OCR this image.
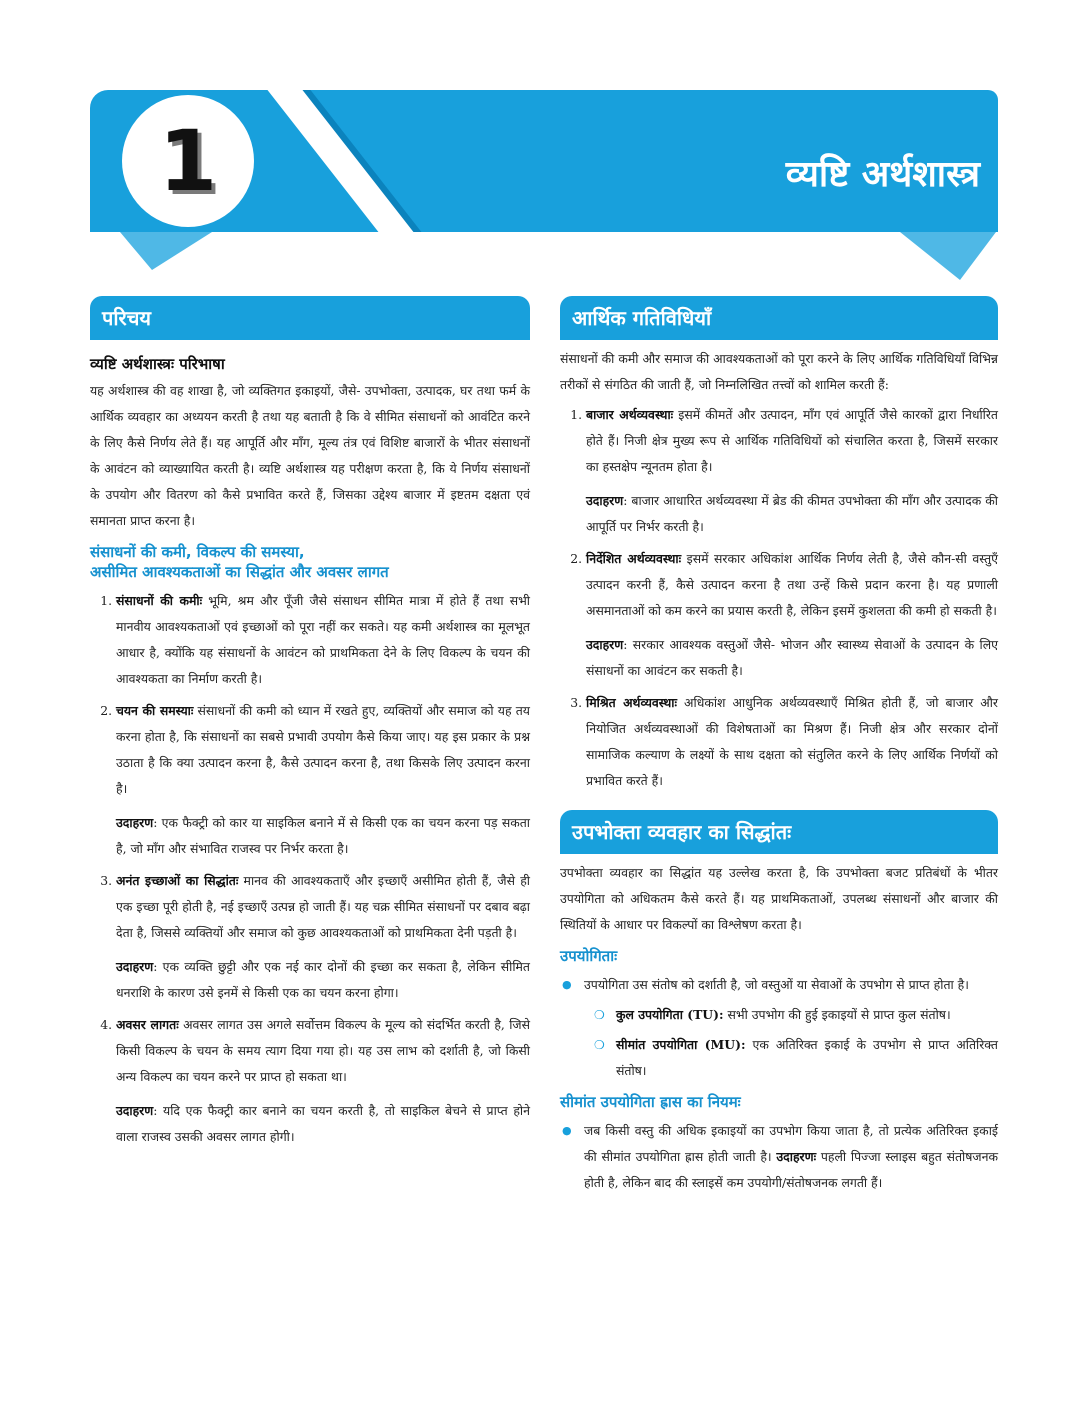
1	व्यष्टि अर्थशास्त्र
परिचय
व्यष्टि अर्थशास्त्रः परिभाषा

यह अर्थशास्त्र की वह शाखा है, जो व्यक्तिगत इकाइयों, जैसे- उपभोक्ता, उत्पादक, घर तथा फर्म के आर्थिक व्यवहार का अध्ययन करती है तथा यह बताती है कि वे सीमित संसाधनों को आवंटित करने के लिए कैसे निर्णय लेते हैं। यह आपूर्ति और माँग, मूल्य तंत्र एवं विशिष्ट बाजारों के भीतर संसाधनों के आवंटन को व्याख्यायित करती है। व्यष्टि अर्थशास्त्र यह परीक्षण करता है, कि ये निर्णय संसाधनों के उपयोग और वितरण को कैसे प्रभावित करते हैं, जिसका उद्देश्य बाजार में इष्टतम दक्षता एवं समानता प्राप्त करना है।

संसाधनों की कमी, विकल्प की समस्या,
असीमित आवश्यकताओं का सिद्धांत और अवसर लागत
1. संसाधनों की कमीः भूमि, श्रम और पूँजी जैसे संसाधन सीमित मात्रा में होते हैं तथा सभी मानवीय आवश्यकताओं एवं इच्छाओं को पूरा नहीं कर सकते। यह कमी अर्थशास्त्र का मूलभूत आधार है, क्योंकि यह संसाधनों के आवंटन को प्राथमिकता देने के लिए विकल्प के चयन की आवश्यकता का निर्माण करती है।
2. चयन की समस्याः संसाधनों की कमी को ध्यान में रखते हुए, व्यक्तियों और समाज को यह तय करना होता है, कि संसाधनों का सबसे प्रभावी उपयोग कैसे किया जाए। यह इस प्रकार के प्रश्न उठाता है कि क्या उत्पादन करना है, कैसे उत्पादन करना है, तथा किसके लिए उत्पादन करना है।
उदाहरण: एक फैक्ट्री को कार या साइकिल बनाने में से किसी एक का चयन करना पड़ सकता है, जो माँग और संभावित राजस्व पर निर्भर करता है।
3. अनंत इच्छाओं का सिद्धांतः मानव की आवश्यकताएँ और इच्छाएँ असीमित होती हैं, जैसे ही एक इच्छा पूरी होती है, नई इच्छाएँ उत्पन्न हो जाती हैं। यह चक्र सीमित संसाधनों पर दबाव बढ़ा देता है, जिससे व्यक्तियों और समाज को कुछ आवश्यकताओं को प्राथमिकता देनी पड़ती है।
उदाहरण: एक व्यक्ति छुट्टी और एक नई कार दोनों की इच्छा कर सकता है, लेकिन सीमित धनराशि के कारण उसे इनमें से किसी एक का चयन करना होगा।
4. अवसर लागतः अवसर लागत उस अगले सर्वोत्तम विकल्प के मूल्य को संदर्भित करती है, जिसे किसी विकल्प के चयन के समय त्याग दिया गया हो। यह उस लाभ को दर्शाती है, जो किसी अन्य विकल्प का चयन करने पर प्राप्त हो सकता था।
उदाहरण: यदि एक फैक्ट्री कार बनाने का चयन करती है, तो साइकिल बेचने से प्राप्त होने वाला राजस्व उसकी अवसर लागत होगी।
आर्थिक गतिविधियाँ

संसाधनों की कमी और समाज की आवश्यकताओं को पूरा करने के लिए आर्थिक गतिविधियाँ विभिन्न तरीकों से संगठित की जाती हैं, जो निम्नलिखित तत्त्वों को शामिल करती हैं:

1. बाजार अर्थव्यवस्थाः इसमें कीमतें और उत्पादन, माँग एवं आपूर्ति जैसे कारकों द्वारा निर्धारित होते हैं। निजी क्षेत्र मुख्य रूप से आर्थिक गतिविधियों को संचालित करता है, जिसमें सरकार का हस्तक्षेप न्यूनतम होता है।
उदाहरण: बाजार आधारित अर्थव्यवस्था में ब्रेड की कीमत उपभोक्ता की माँग और उत्पादक की आपूर्ति पर निर्भर करती है।
2. निर्देशित अर्थव्यवस्थाः इसमें सरकार अधिकांश आर्थिक निर्णय लेती है, जैसे कौन-सी वस्तुएँ उत्पादन करनी हैं, कैसे उत्पादन करना है तथा उन्हें किसे प्रदान करना है। यह प्रणाली असमानताओं को कम करने का प्रयास करती है, लेकिन इसमें कुशलता की कमी हो सकती है।
उदाहरण: सरकार आवश्यक वस्तुओं जैसे- भोजन और स्वास्थ्य सेवाओं के उत्पादन के लिए संसाधनों का आवंटन कर सकती है।
3. मिश्रित अर्थव्यवस्थाः अधिकांश आधुनिक अर्थव्यवस्थाएँ मिश्रित होती हैं, जो बाजार और नियोजित अर्थव्यवस्थाओं की विशेषताओं का मिश्रण हैं। निजी क्षेत्र और सरकार दोनों सामाजिक कल्याण के लक्ष्यों के साथ दक्षता को संतुलित करने के लिए आर्थिक निर्णयों को प्रभावित करते हैं।
उपभोक्ता व्यवहार का सिद्धांतः

उपभोक्ता व्यवहार का सिद्धांत यह उल्लेख करता है, कि उपभोक्ता बजट प्रतिबंधों के भीतर उपयोगिता को अधिकतम कैसे करते हैं। यह प्राथमिकताओं, उपलब्ध संसाधनों और बाजार की स्थितियों के आधार पर विकल्पों का विश्लेषण करता है।

उपयोगिताः
● उपयोगिता उस संतोष को दर्शाती है, जो वस्तुओं या सेवाओं के उपभोग से प्राप्त होता है।
❍ कुल उपयोगिता (TU): सभी उपभोग की हुई इकाइयों से प्राप्त कुल संतोष।
❍ सीमांत उपयोगिता (MU): एक अतिरिक्त इकाई के उपभोग से प्राप्त अतिरिक्त संतोष।
सीमांत उपयोगिता ह्रास का नियमः
● जब किसी वस्तु की अधिक इकाइयों का उपभोग किया जाता है, तो प्रत्येक अतिरिक्त इकाई की सीमांत उपयोगिता ह्रास होती जाती है। उदाहरणः पहली पिज्जा स्लाइस बहुत संतोषजनक होती है, लेकिन बाद की स्लाइसें कम उपयोगी/संतोषजनक लगती हैं।
